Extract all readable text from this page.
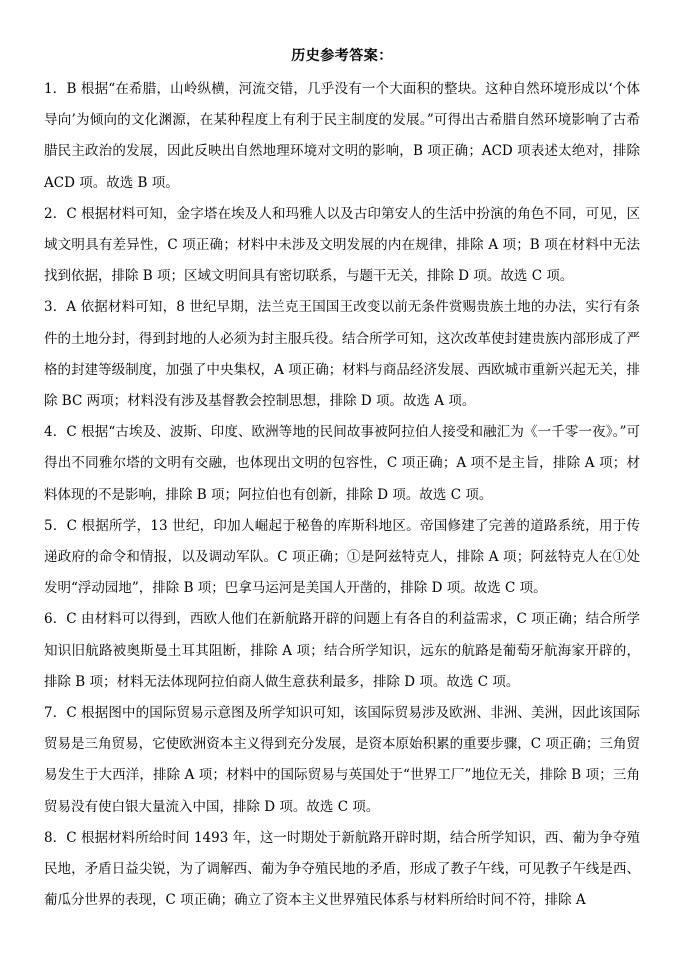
历史参考答案：

1．B 根据“在希腊，山岭纵横，河流交错，几乎没有一个大面积的整块。这种自然环境形成以‘个体导向’为倾向的文化渊源，在某种程度上有利于民主制度的发展。”可得出古希腊自然环境影响了古希腊民主政治的发展，因此反映出自然地理环境对文明的影响，B 项正确；ACD 项表述太绝对，排除 ACD 项。故选 B 项。

2．C 根据材料可知，金字塔在埃及人和玛雅人以及古印第安人的生活中扮演的角色不同，可见，区域文明具有差异性，C 项正确；材料中未涉及文明发展的内在规律，排除 A 项；B 项在材料中无法找到依据，排除 B 项；区域文明间具有密切联系，与题干无关，排除 D 项。故选 C 项。

3．A 依据材料可知，8 世纪早期，法兰克王国国王改变以前无条件赏赐贵族土地的办法，实行有条件的土地分封，得到封地的人必须为封主服兵役。结合所学可知，这次改革使封建贵族内部形成了严格的封建等级制度，加强了中央集权，A 项正确；材料与商品经济发展、西欧城市重新兴起无关，排除 BC 两项；材料没有涉及基督教会控制思想，排除 D 项。故选 A 项。

4．C 根据“古埃及、波斯、印度、欧洲等地的民间故事被阿拉伯人接受和融汇为《一千零一夜》。”可得出不同雅尔塔的文明有交融，也体现出文明的包容性，C 项正确；A 项不是主旨，排除 A 项；材料体现的不是影响，排除 B 项；阿拉伯也有创新，排除 D 项。故选 C 项。

5．C 根据所学，13 世纪，印加人崛起于秘鲁的库斯科地区。帝国修建了完善的道路系统，用于传递政府的命令和情报，以及调动军队。C 项正确；①是阿兹特克人，排除 A 项；阿兹特克人在①处发明“浮动园地”，排除 B 项；巴拿马运河是美国人开凿的，排除 D 项。故选 C 项。

6．C 由材料可以得到，西欧人他们在新航路开辟的问题上有各自的利益需求，C 项正确；结合所学知识旧航路被奥斯曼土耳其阻断，排除 A 项；结合所学知识，远东的航路是葡萄牙航海家开辟的，排除 B 项；材料无法体现阿拉伯商人做生意获利最多，排除 D 项。故选 C 项。

7．C 根据图中的国际贸易示意图及所学知识可知，该国际贸易涉及欧洲、非洲、美洲，因此该国际贸易是三角贸易，它使欧洲资本主义得到充分发展，是资本原始积累的重要步骤，C 项正确；三角贸易发生于大西洋，排除 A 项；材料中的国际贸易与英国处于“世界工厂”地位无关，排除 B 项；三角贸易没有使白银大量流入中国，排除 D 项。故选 C 项。

8．C 根据材料所给时间 1493 年，这一时期处于新航路开辟时期，结合所学知识，西、葡为争夺殖民地，矛盾日益尖锐，为了调解西、葡为争夺殖民地的矛盾，形成了教子午线，可见教子午线是西、葡瓜分世界的表现，C 项正确；确立了资本主义世界殖民体系与材料所给时间不符，排除 A
